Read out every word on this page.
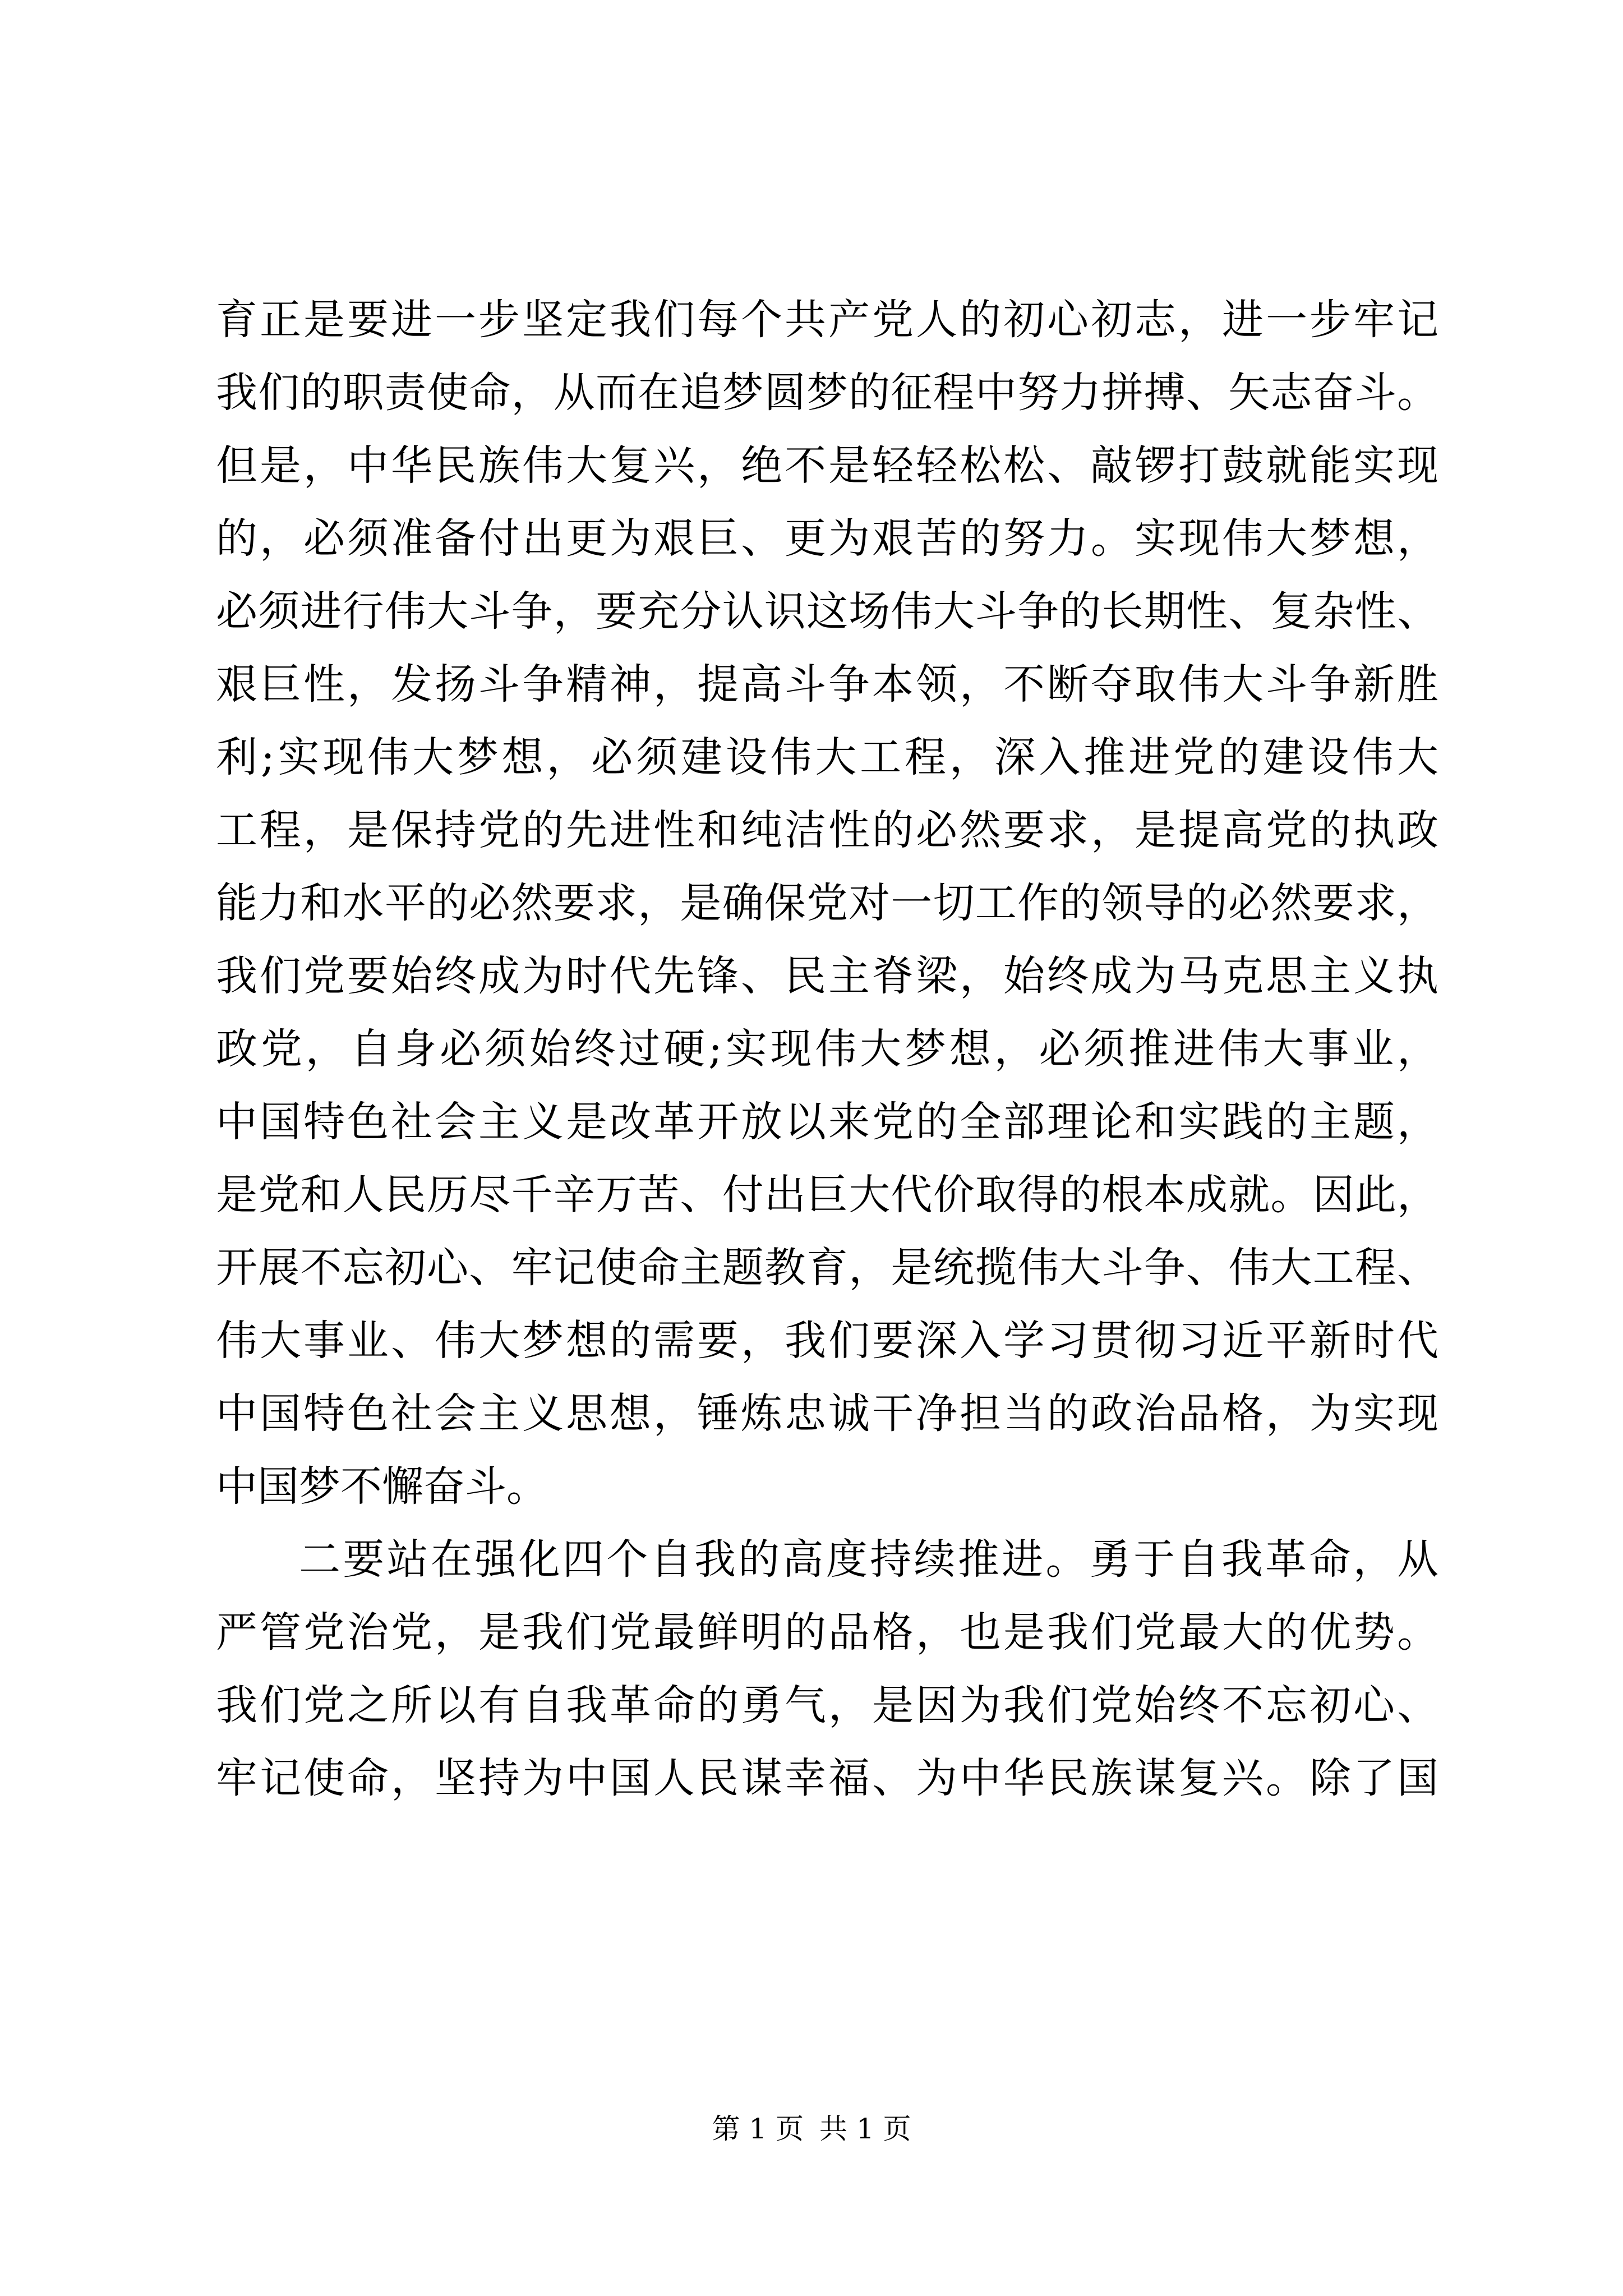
育正是要进一步坚定我们每个共产党人的初心初志，进一步牢记
我们的职责使命，从而在追梦圆梦的征程中努力拼搏、矢志奋斗。
但是，中华民族伟大复兴，绝不是轻轻松松、敲锣打鼓就能实现
的，必须准备付出更为艰巨、更为艰苦的努力。实现伟大梦想，
必须进行伟大斗争，要充分认识这场伟大斗争的长期性、复杂性、
艰巨性，发扬斗争精神，提高斗争本领，不断夺取伟大斗争新胜
利;实现伟大梦想，必须建设伟大工程，深入推进党的建设伟大
工程，是保持党的先进性和纯洁性的必然要求，是提高党的执政
能力和水平的必然要求，是确保党对一切工作的领导的必然要求，
我们党要始终成为时代先锋、民主脊梁，始终成为马克思主义执
政党，自身必须始终过硬;实现伟大梦想，必须推进伟大事业，
中国特色社会主义是改革开放以来党的全部理论和实践的主题，
是党和人民历尽千辛万苦、付出巨大代价取得的根本成就。因此，
开展不忘初心、牢记使命主题教育，是统揽伟大斗争、伟大工程、
伟大事业、伟大梦想的需要，我们要深入学习贯彻习近平新时代
中国特色社会主义思想，锤炼忠诚干净担当的政治品格，为实现
中国梦不懈奋斗。
二要站在强化四个自我的高度持续推进。勇于自我革命，从
严管党治党，是我们党最鲜明的品格，也是我们党最大的优势。
我们党之所以有自我革命的勇气，是因为我们党始终不忘初心、
牢记使命，坚持为中国人民谋幸福、为中华民族谋复兴。除了国
第 1 页 共 1 页
